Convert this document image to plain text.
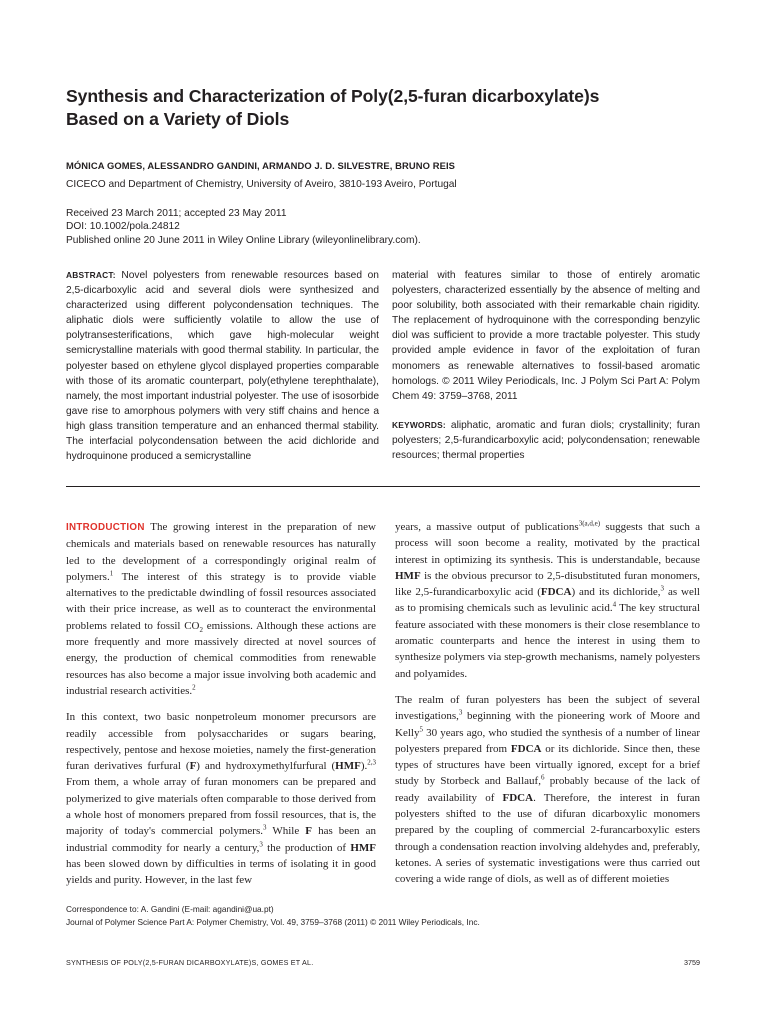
Synthesis and Characterization of Poly(2,5-furan dicarboxylate)s
Based on a Variety of Diols
MÓNICA GOMES, ALESSANDRO GANDINI, ARMANDO J. D. SILVESTRE, BRUNO REIS
CICECO and Department of Chemistry, University of Aveiro, 3810-193 Aveiro, Portugal
Received 23 March 2011; accepted 23 May 2011
DOI: 10.1002/pola.24812
Published online 20 June 2011 in Wiley Online Library (wileyonlinelibrary.com).
ABSTRACT: Novel polyesters from renewable resources based on 2,5-dicarboxylic acid and several diols were synthesized and characterized using different polycondensation techniques. The aliphatic diols were sufficiently volatile to allow the use of polytransesterifications, which gave high-molecular weight semicrystalline materials with good thermal stability. In particular, the polyester based on ethylene glycol displayed properties comparable with those of its aromatic counterpart, poly(ethylene terephthalate), namely, the most important industrial polyester. The use of isosorbide gave rise to amorphous polymers with very stiff chains and hence a high glass transition temperature and an enhanced thermal stability. The interfacial polycondensation between the acid dichloride and hydroquinone produced a semicrystalline
material with features similar to those of entirely aromatic polyesters, characterized essentially by the absence of melting and poor solubility, both associated with their remarkable chain rigidity. The replacement of hydroquinone with the corresponding benzylic diol was sufficient to provide a more tractable polyester. This study provided ample evidence in favor of the exploitation of furan monomers as renewable alternatives to fossil-based aromatic homologs. © 2011 Wiley Periodicals, Inc. J Polym Sci Part A: Polym Chem 49: 3759–3768, 2011
KEYWORDS: aliphatic, aromatic and furan diols; crystallinity; furan polyesters; 2,5-furandicarboxylic acid; polycondensation; renewable resources; thermal properties

INTRODUCTION The growing interest in the preparation of new chemicals and materials based on renewable resources has naturally led to the development of a correspondingly original realm of polymers.$^1$ The interest of this strategy is to provide viable alternatives to the predictable dwindling of fossil resources associated with their price increase, as well as to counteract the environmental problems related to fossil $CO_2$ emissions. Although these actions are more frequently and more massively directed at novel sources of energy, the production of chemical commodities from renewable resources has also become a major issue involving both academic and industrial research activities.$^2$

In this context, two basic nonpetroleum monomer precursors are readily accessible from polysaccharides or sugars bearing, respectively, pentose and hexose moieties, namely the first-generation furan derivatives furfural (F) and hydroxymethylfurfural (HMF).$^{2,3}$ From them, a whole array of furan monomers can be prepared and polymerized to give materials often comparable to those derived from a whole host of monomers prepared from fossil resources, that is, the majority of today's commercial polymers.$^3$ While F has been an industrial commodity for nearly a century,$^3$ the production of HMF has been slowed down by difficulties in terms of isolating it in good yields and purity. However, in the last few

years, a massive output of publications$^{3(a,d,e)}$ suggests that such a process will soon become a reality, motivated by the practical interest in optimizing its synthesis. This is understandable, because HMF is the obvious precursor to 2,5-disubstituted furan monomers, like 2,5-furandicarboxylic acid (FDCA) and its dichloride,$^3$ as well as to promising chemicals such as levulinic acid.$^4$ The key structural feature associated with these monomers is their close resemblance to aromatic counterparts and hence the interest in using them to synthesize polymers via step-growth mechanisms, namely polyesters and polyamides.

The realm of furan polyesters has been the subject of several investigations,$^3$ beginning with the pioneering work of Moore and Kelly$^5$ 30 years ago, who studied the synthesis of a number of linear polyesters prepared from FDCA or its dichloride. Since then, these types of structures have been virtually ignored, except for a brief study by Storbeck and Ballauf,$^6$ probably because of the lack of ready availability of FDCA. Therefore, the interest in furan polyesters shifted to the use of difuran dicarboxylic monomers prepared by the coupling of commercial 2-furancarboxylic esters through a condensation reaction involving aldehydes and, preferably, ketones. A series of systematic investigations were thus carried out covering a wide range of diols, as well as of different moieties

Correspondence to: A. Gandini (E-mail: agandini@ua.pt)
Journal of Polymer Science Part A: Polymer Chemistry, Vol. 49, 3759–3768 (2011) © 2011 Wiley Periodicals, Inc.
SYNTHESIS OF POLY(2,5-FURAN DICARBOXYLATE)S, GOMES ET AL.	3759
